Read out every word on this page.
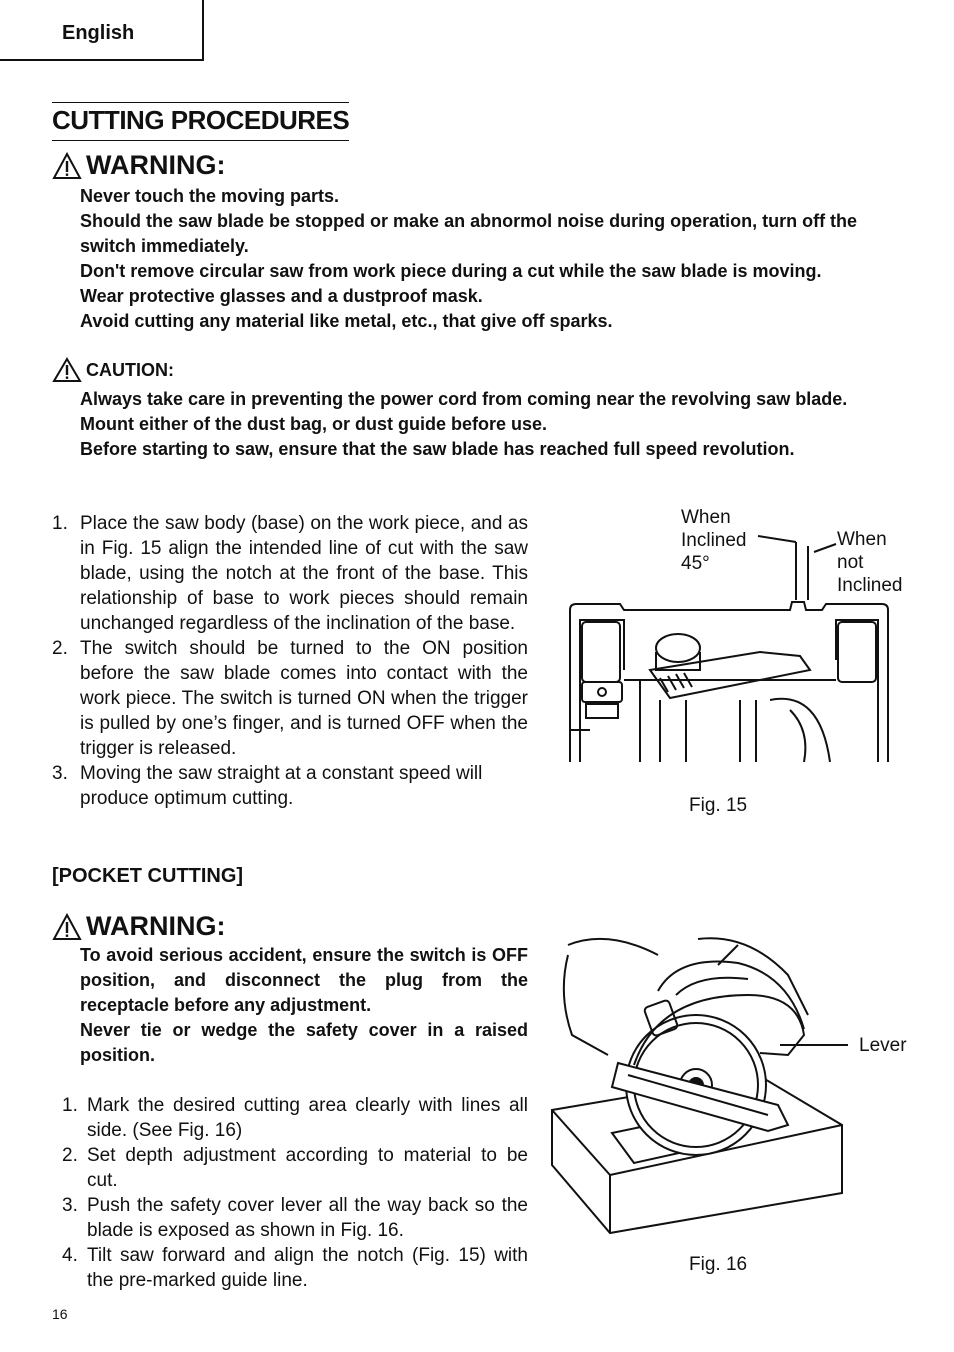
English
CUTTING PROCEDURES
WARNING:

Never touch the moving parts.

Should the saw blade be stopped or make an abnormol noise during operation, turn off the switch immediately.

Don't remove circular saw from work piece during a cut while the saw blade is moving.

Wear protective glasses and a dustproof mask.

Avoid cutting any material like metal, etc., that give off sparks.

CAUTION:

Always take care in preventing the power cord from coming near the revolving saw blade.

Mount either of the dust bag, or dust guide before use.

Before starting to saw, ensure that the saw blade has reached full speed revolution.

1. Place the saw body (base) on the work piece, and as in Fig. 15 align the intended line of cut with the saw blade, using the notch at the front of the base. This relationship of base to work pieces should remain unchanged regardless of the inclination of the base.
2. The switch should be turned to the ON position before the saw blade comes into contact with the work piece. The switch is turned ON when the trigger is pulled by one’s finger, and is turned OFF when the trigger is released.
3. Moving the saw straight at a constant speed will produce optimum cutting.
When
Inclined
45°
When
not
Inclined
Fig. 15
[POCKET CUTTING]
WARNING:

To avoid serious accident, ensure the switch is OFF position, and disconnect the plug from the receptacle before any adjustment.

Never tie or wedge the safety cover in a raised position.

1. Mark the desired cutting area clearly with lines all side. (See Fig. 16)
2. Set depth adjustment according to material to be cut.
3. Push the safety cover lever all the way back so the blade is exposed as shown in Fig. 16.
4. Tilt saw forward and align the notch (Fig. 15) with the pre-marked guide line.
Lever
Fig. 16
16
